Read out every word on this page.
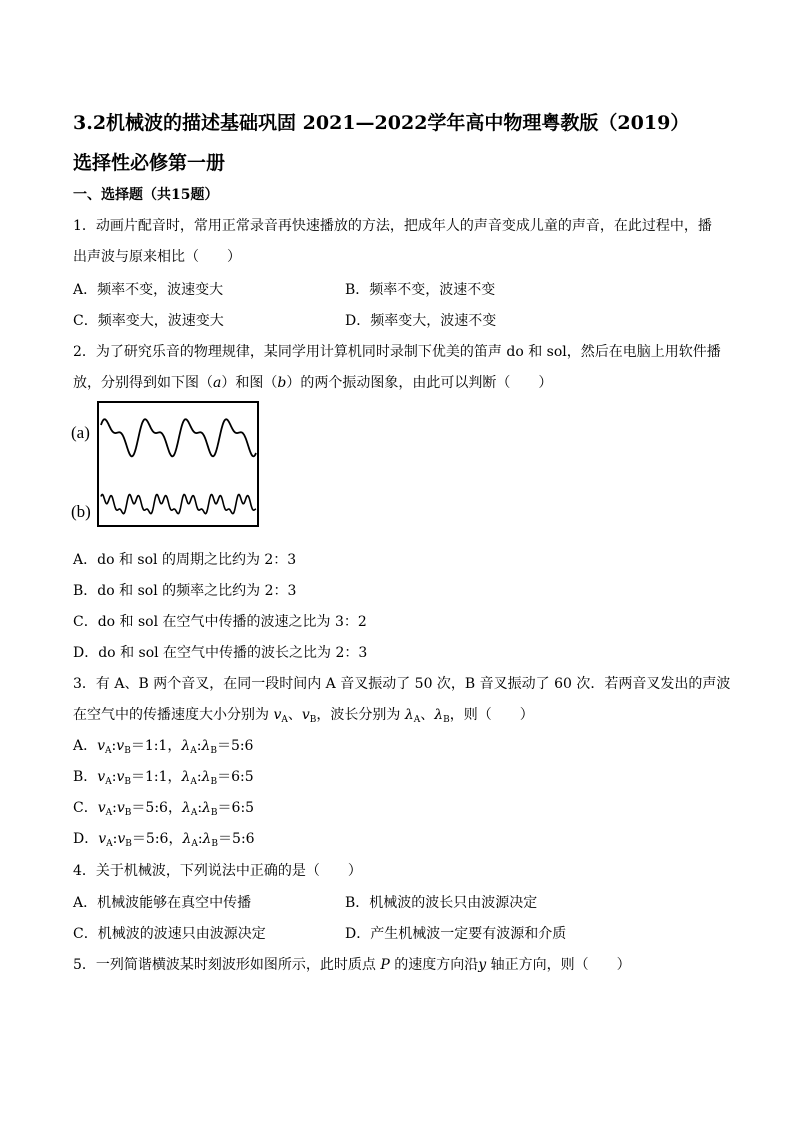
3.2机械波的描述基础巩固 2021—2022学年高中物理粤教版（2019）
选择性必修第一册
一、选择题（共15题）
1．动画片配音时，常用正常录音再快速播放的方法，把成年人的声音变成儿童的声音，在此过程中，播
出声波与原来相比（　　）
A．频率不变，波速变大	B．频率不变，波速不变
C．频率变大，波速变大	D．频率变大，波速不变
2．为了研究乐音的物理规律，某同学用计算机同时录制下优美的笛声 do 和 sol，然后在电脑上用软件播
放，分别得到如下图（a）和图（b）的两个振动图象，由此可以判断（　　）
(a)
(b)
A．do 和 sol 的周期之比约为 2：3
B．do 和 sol 的频率之比约为 2：3
C．do 和 sol 在空气中传播的波速之比为 3：2
D．do 和 sol 在空气中传播的波长之比为 2：3
3．有 A、B 两个音叉，在同一段时间内 A 音叉振动了 50 次，B 音叉振动了 60 次．若两音叉发出的声波
在空气中的传播速度大小分别为 $v_A$、$v_B$，波长分别为 $\lambda_A$、$\lambda_B$，则（　　）
A．$v_A:v_B=1:1$，$\lambda_A:\lambda_B=5:6$
B．$v_A:v_B=1:1$，$\lambda_A:\lambda_B=6:5$
C．$v_A:v_B=5:6$，$\lambda_A:\lambda_B=6:5$
D．$v_A:v_B=5:6$，$\lambda_A:\lambda_B=5:6$
4．关于机械波，下列说法中正确的是（　　）
A．机械波能够在真空中传播	B．机械波的波长只由波源决定
C．机械波的波速只由波源决定	D．产生机械波一定要有波源和介质
5．一列简谐横波某时刻波形如图所示，此时质点 P 的速度方向沿y 轴正方向，则（　　）
